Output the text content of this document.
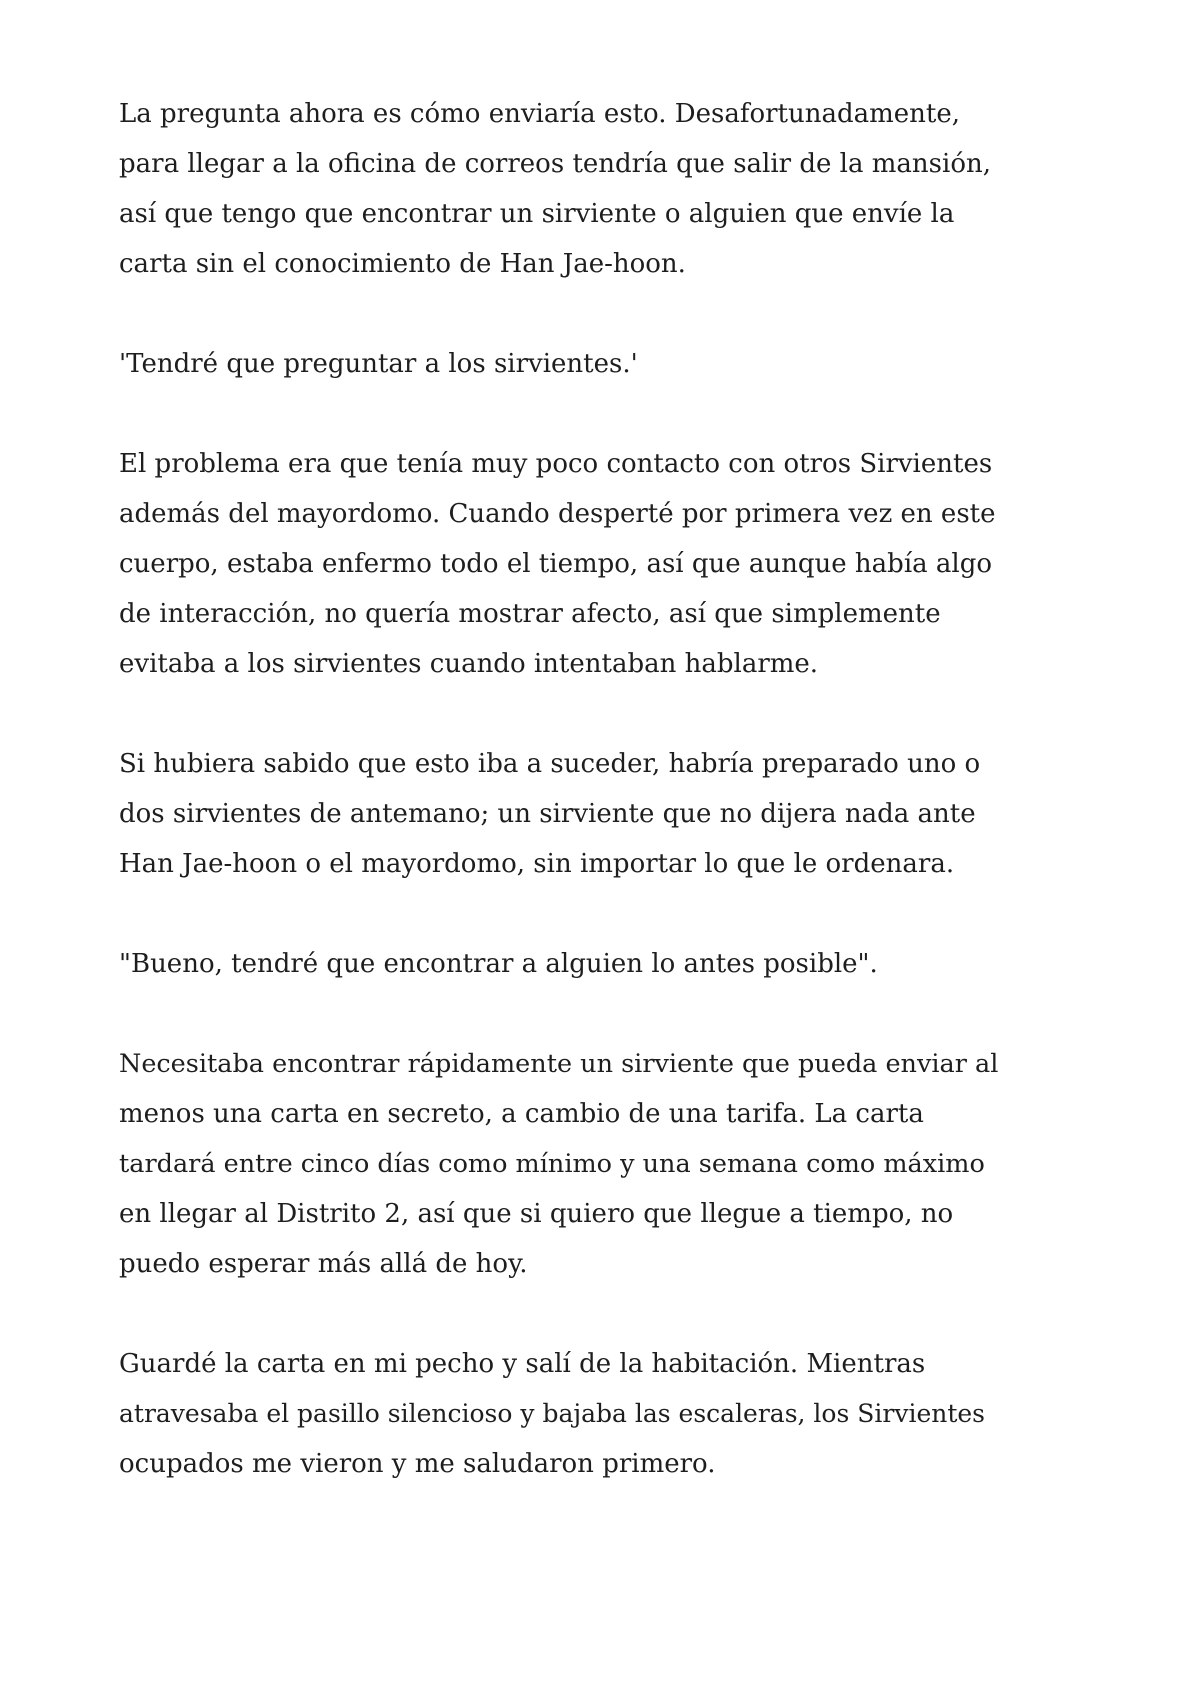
La pregunta ahora es cómo enviaría esto. Desafortunadamente,
para llegar a la oficina de correos tendría que salir de la mansión,
así que tengo que encontrar un sirviente o alguien que envíe la
carta sin el conocimiento de Han Jae-hoon.

'Tendré que preguntar a los sirvientes.'

El problema era que tenía muy poco contacto con otros Sirvientes
además del mayordomo. Cuando desperté por primera vez en este
cuerpo, estaba enfermo todo el tiempo, así que aunque había algo
de interacción, no quería mostrar afecto, así que simplemente
evitaba a los sirvientes cuando intentaban hablarme.

Si hubiera sabido que esto iba a suceder, habría preparado uno o
dos sirvientes de antemano; un sirviente que no dijera nada ante
Han Jae-hoon o el mayordomo, sin importar lo que le ordenara.

"Bueno, tendré que encontrar a alguien lo antes posible".

Necesitaba encontrar rápidamente un sirviente que pueda enviar al
menos una carta en secreto, a cambio de una tarifa. La carta
tardará entre cinco días como mínimo y una semana como máximo
en llegar al Distrito 2, así que si quiero que llegue a tiempo, no
puedo esperar más allá de hoy.

Guardé la carta en mi pecho y salí de la habitación. Mientras
atravesaba el pasillo silencioso y bajaba las escaleras, los Sirvientes
ocupados me vieron y me saludaron primero.
